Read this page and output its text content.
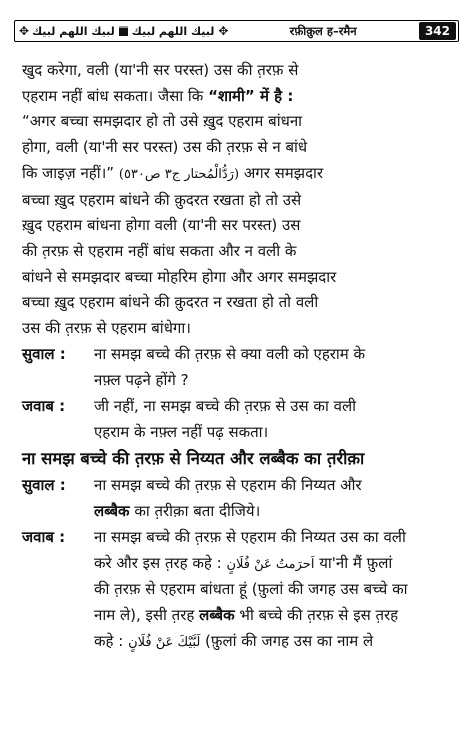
✥ لبيك اللهم لبيك لبيك اللهم لبيك ✥	रफ़ीक़ुल ह–रमैन	342

खुद करेगा, वली (या'नी सर परस्त) उस की त़रफ़ से

एहराम नहीं बांध सकता। जैसा कि “शामी” में है :

“अगर बच्चा समझदार हो तो उसे ख़ुद एहराम बांधना

होगा, वली (या'नी सर परस्त) उस की त़रफ़ से न बांधे

कि जाइज़ नहीं।” (رَدُّالْمُحتار ج٣ ص٥٣٠) अगर समझदार

बच्चा ख़ुद एहराम बांधने की क़ुदरत रखता हो तो उसे

ख़ुद एहराम बांधना होगा वली (या'नी सर परस्त) उस

की त़रफ़ से एहराम नहीं बांध सकता और न वली के

बांधने से समझदार बच्चा मोहरिम होगा और अगर समझदार

बच्चा ख़ुद एहराम बांधने की क़ुदरत न रखता हो तो वली

उस की त़रफ़ से एहराम बांधेगा।

सुवाल :	ना समझ बच्चे की त़रफ़ से क्या वली को एहराम के
नफ़्ल पढ़ने होंगे ?
जवाब :	जी नहीं, ना समझ बच्चे की त़रफ़ से उस का वली
एहराम के नफ़्ल नहीं पढ़ सकता।
ना समझ बच्चे की त़रफ़ से निय्यत और लब्बैक का त़रीक़ा
सुवाल :	ना समझ बच्चे की त़रफ़ से एहराम की निय्यत और
लब्बैक का त़रीक़ा बता दीजिये।
जवाब :	ना समझ बच्चे की त़रफ़ से एहराम की निय्यत उस का वली
करे और इस त़रह कहे : اَحرَمتُ عَنْ فُلَانٍ या'नी मैं फ़ुलां
की त़रफ़ से एहराम बांधता हूं (फ़ुलां की जगह उस बच्चे का
नाम ले), इसी त़रह लब्बैक भी बच्चे की त़रफ़ से इस त़रह
कहे : لَبَّيْكَ عَنْ فُلَانٍ (फ़ुलां की जगह उस का नाम ले
